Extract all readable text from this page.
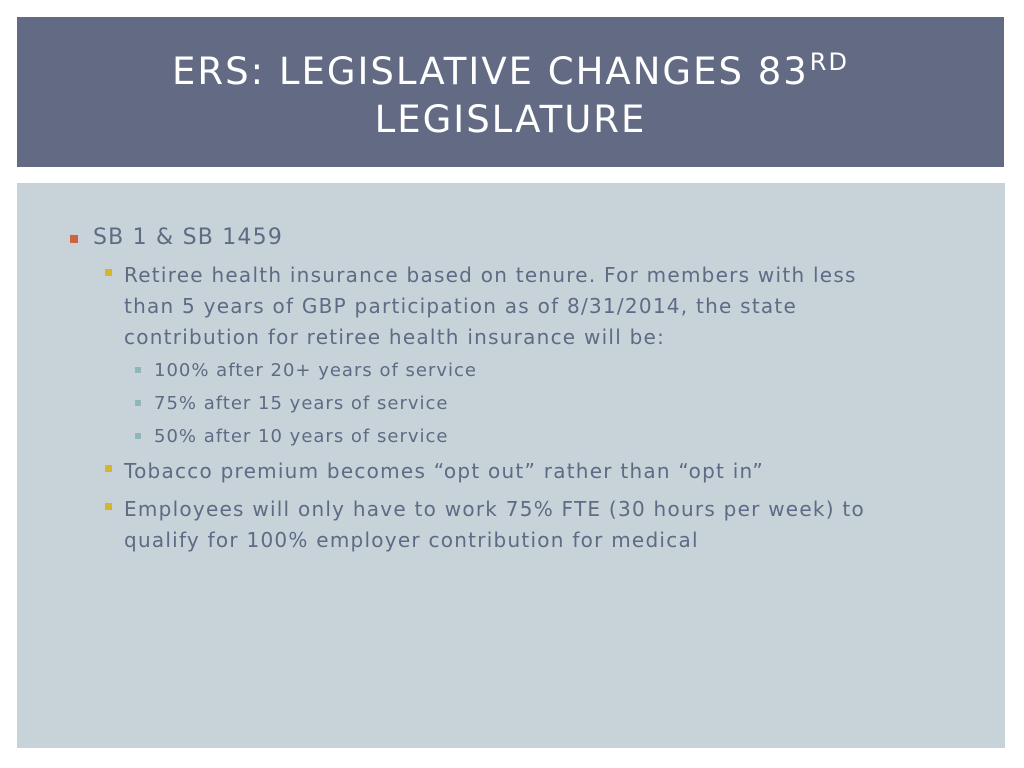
ERS: LEGISLATIVE CHANGES 83RD
LEGISLATURE
SB 1 & SB 1459
Retiree health insurance based on tenure. For members with less
than 5 years of GBP participation as of 8/31/2014, the state
contribution for retiree health insurance will be:
100% after 20+ years of service
75% after 15 years of service
50% after 10 years of service
Tobacco premium becomes “opt out” rather than “opt in”
Employees will only have to work 75% FTE (30 hours per week) to
qualify for 100% employer contribution for medical
